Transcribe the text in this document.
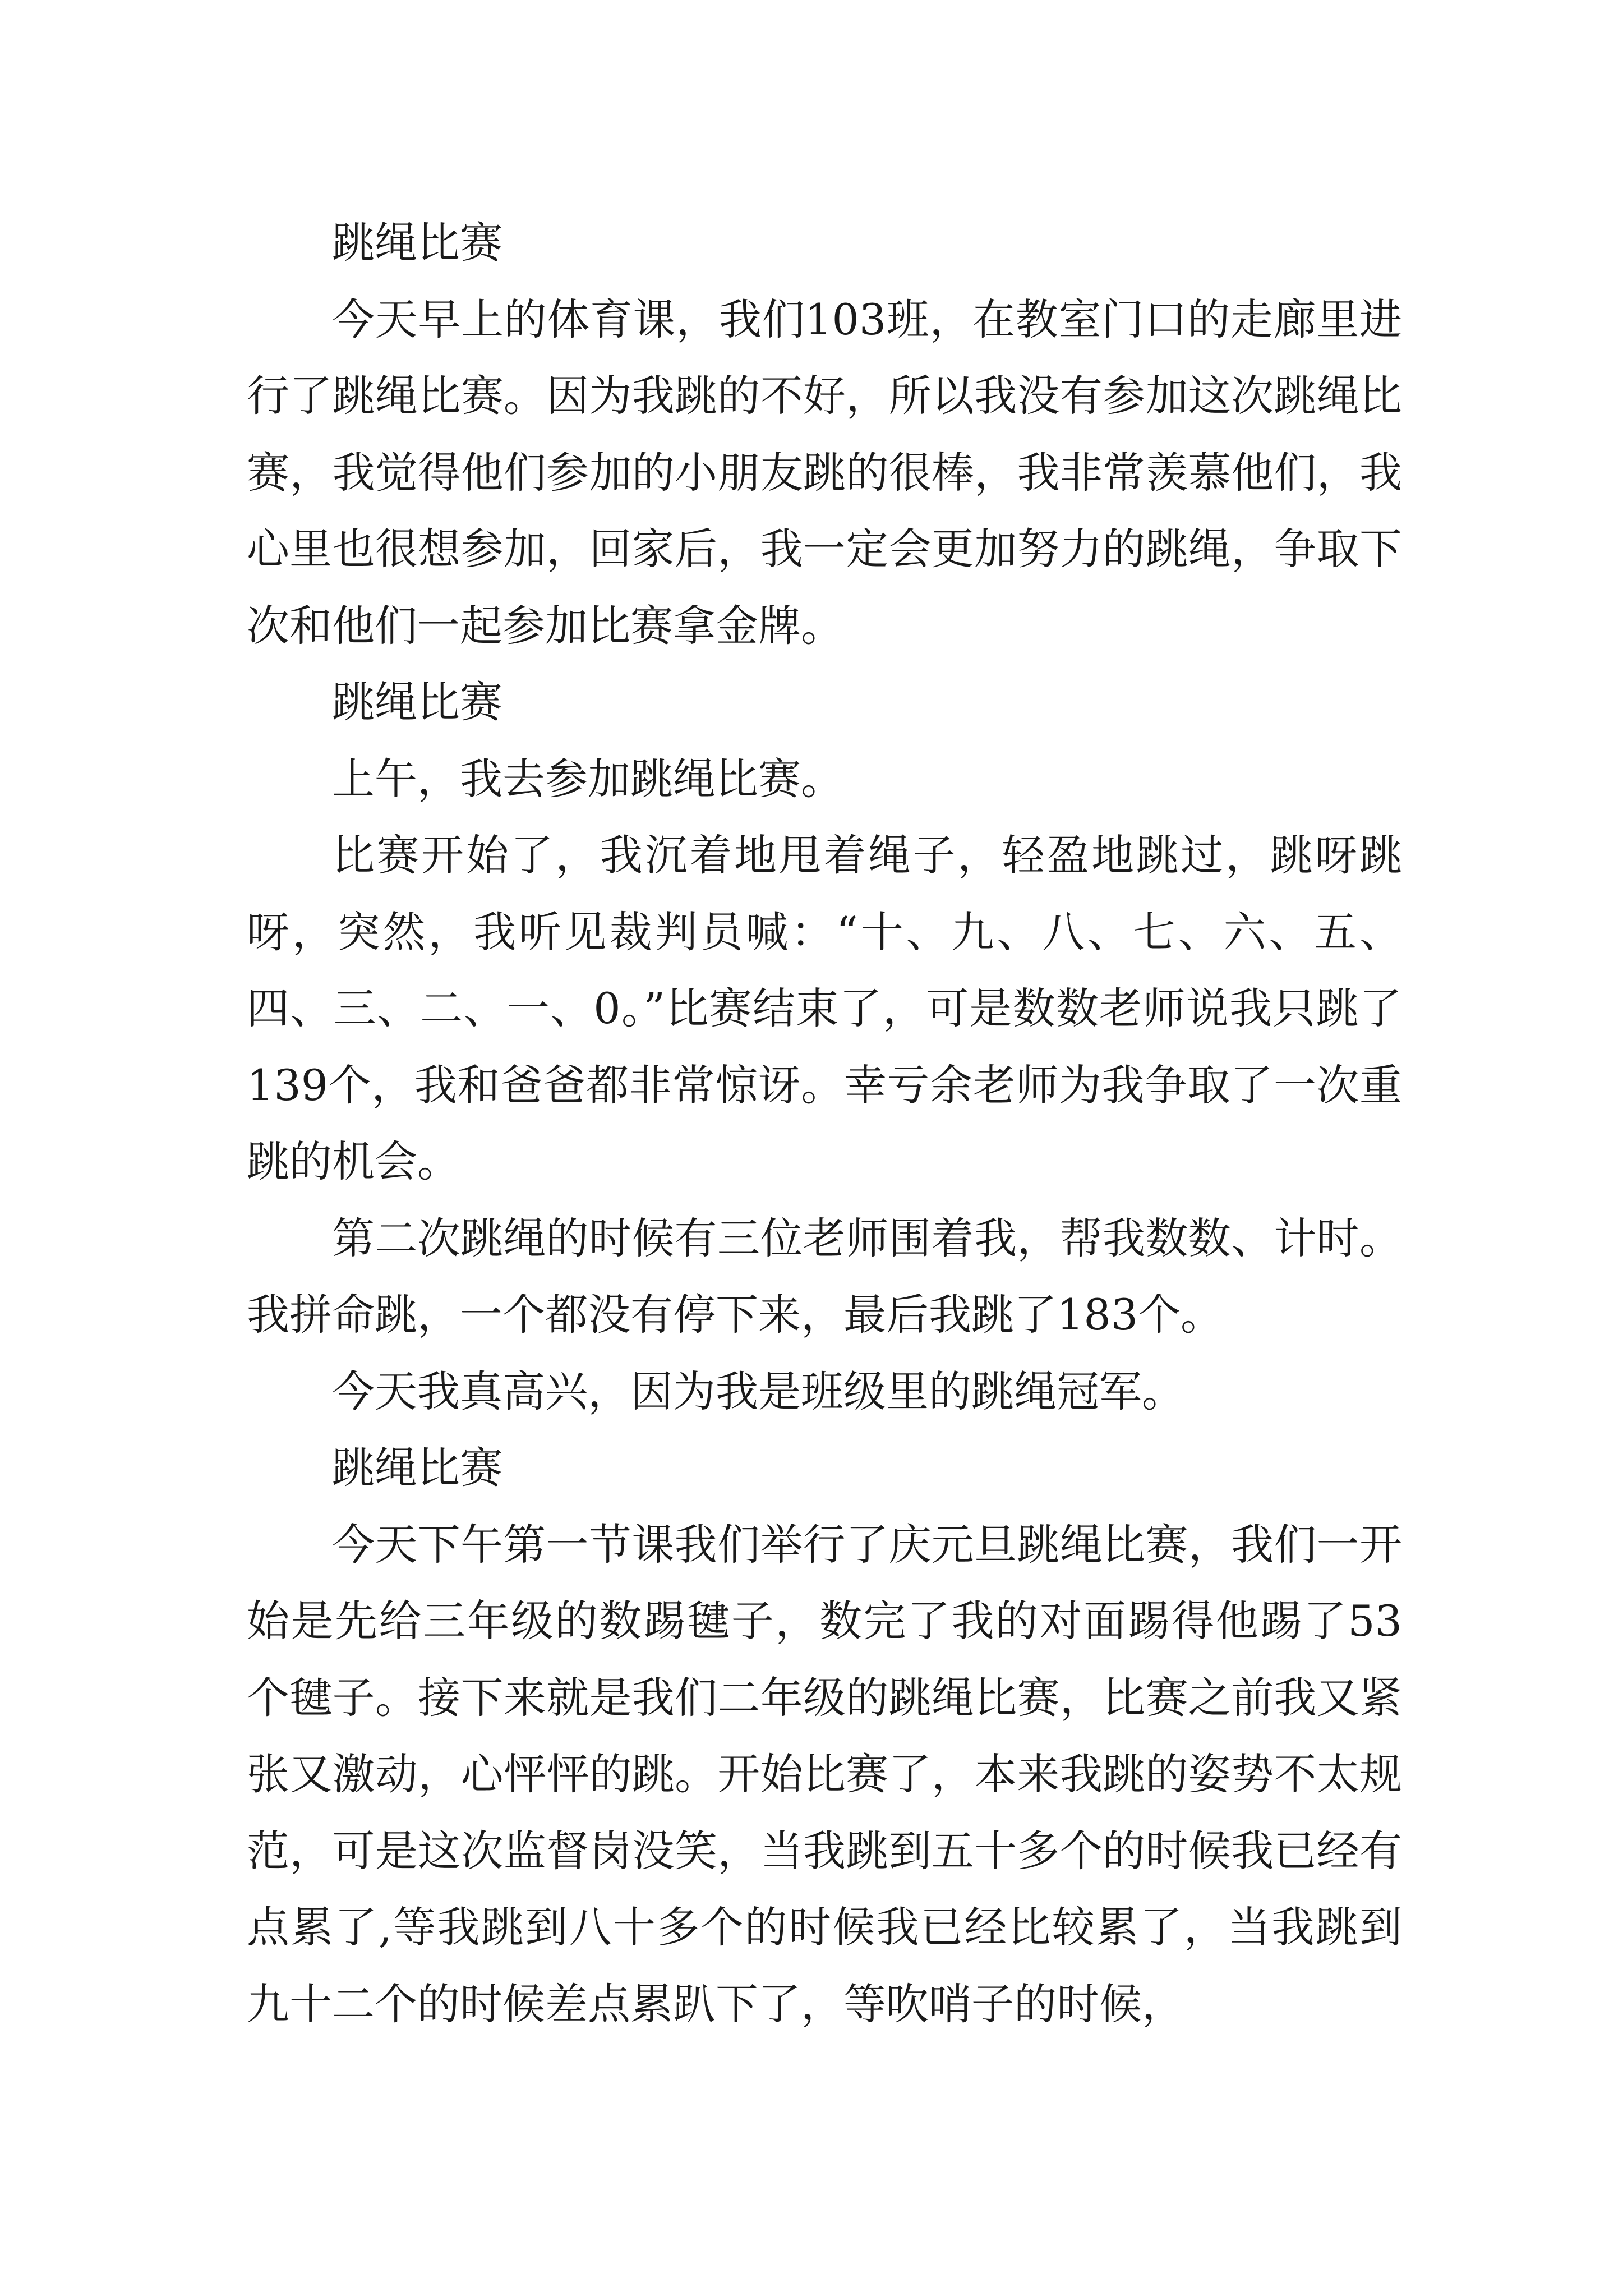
跳绳比赛

今天早上的体育课，我们103班，在教室门口的走廊里进行了跳绳比赛。因为我跳的不好，所以我没有参加这次跳绳比赛，我觉得他们参加的小朋友跳的很棒，我非常羡慕他们，我心里也很想参加，回家后，我一定会更加努力的跳绳，争取下次和他们一起参加比赛拿金牌。

跳绳比赛

上午，我去参加跳绳比赛。

比赛开始了，我沉着地甩着绳子，轻盈地跳过，跳呀跳呀，突然，我听见裁判员喊：“十、九、八、七、六、五、四、三、二、一、0。”比赛结束了，可是数数老师说我只跳了139个，我和爸爸都非常惊讶。幸亏余老师为我争取了一次重跳的机会。

第二次跳绳的时候有三位老师围着我，帮我数数、计时。我拼命跳，一个都没有停下来，最后我跳了183个。

今天我真高兴，因为我是班级里的跳绳冠军。

跳绳比赛

今天下午第一节课我们举行了庆元旦跳绳比赛，我们一开始是先给三年级的数踢毽子，数完了我的对面踢得他踢了53个毽子。接下来就是我们二年级的跳绳比赛，比赛之前我又紧张又激动，心怦怦的跳。开始比赛了，本来我跳的姿势不太规范，可是这次监督岗没笑，当我跳到五十多个的时候我已经有点累了,等我跳到八十多个的时候我已经比较累了，当我跳到九十二个的时候差点累趴下了，等吹哨子的时候，
